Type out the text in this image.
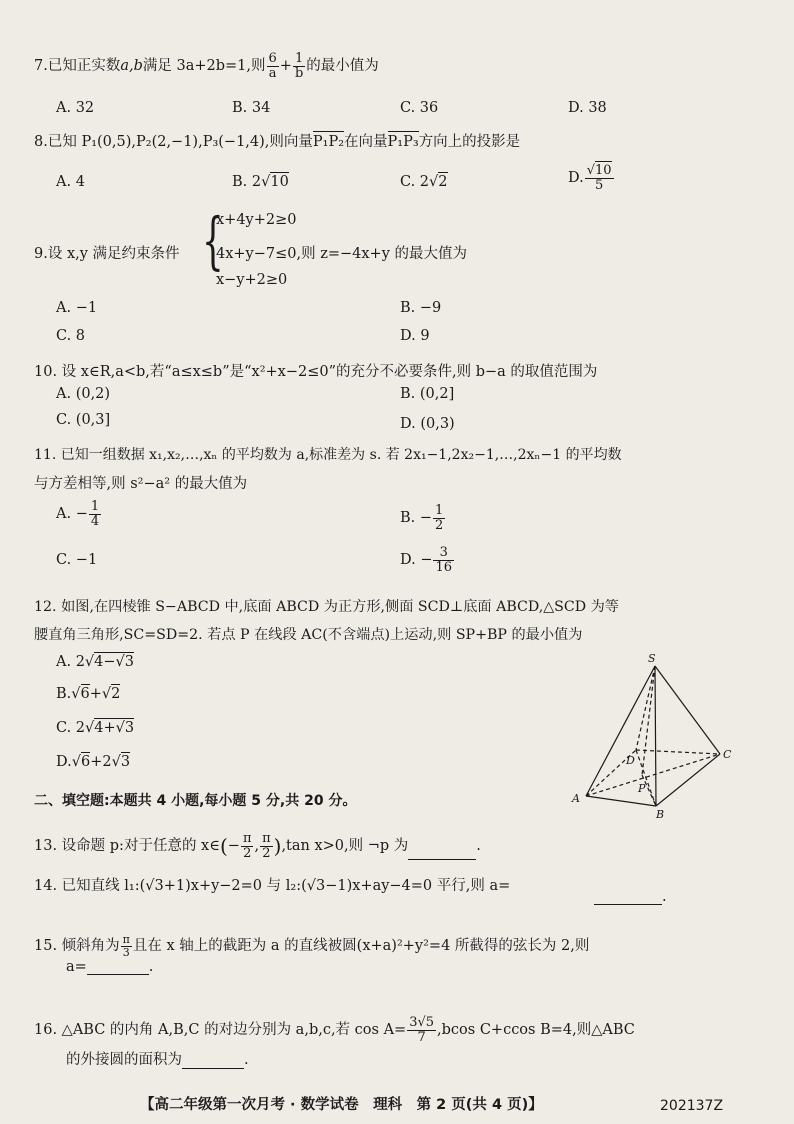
7.已知正实数a,b满足 3a+2b=1,则 $\frac{6}{a} + \frac{1}{b}$ 的最小值为
A. 32	B. 34	C. 36	D. 38
8.已知 P₁(0,5),P₂(2,−1),P₃(−1,4),则向量
P₁P₂在向量
P₁P₃方向上的投影是
A. 4	B. 2√10	C. 2√2	D. $\frac{√10}{5}$
9.设 x,y 满足约束条件 {
x+4y+2≥0
4x+y−7≤0,则 z=−4x+y 的最大值为
x−y+2≥0
A. −1	B. −9
C. 8	D. 9
10. 设 x∈R,a<b,若“a≤x≤b”是“x²+x−2≤0”的充分不必要条件,则 b−a 的取值范围为
A. (0,2)	B. (0,2]
C. (0,3]	D. (0,3)
11. 已知一组数据 x₁,x₂,…,xₙ 的平均数为 a,标准差为 s. 若 2x₁−1,2x₂−1,…,2xₙ−1 的平均数
与方差相等,则 s²−a² 的最大值为
A. − $\frac{1}{4}$	B. − $\frac{1}{2}$
C. −1	D. − $\frac{3}{16}$
12. 如图,在四棱锥 S−ABCD 中,底面 ABCD 为正方形,侧面 SCD⊥底面 ABCD,△SCD 为等
腰直角三角形,SC=SD=2. 若点 P 在线段 AC(不含端点)上运动,则 SP+BP 的最小值为
A. 2√4−√3
B.√6+√2
C. 2√4+√3
D.√6+2√3
S
A
B
C
D
P
二、填空题:本题共 4 小题,每小题 5 分,共 20 分。
13. 设命题 p:对于任意的 x∈(− $\frac{\pi}{2}$ , $\frac{\pi}{2} ),\tan$ x>0,则 ¬p 为	.
14. 已知直线 l₁:(√3+1)x+y−2=0 与 l₂:(√3−1)x+ay−4=0 平行,则 a=
.
15. 倾斜角为 $\frac{\pi}{3}$ 且在 x 轴上的截距为 a 的直线被圆(x+a)²+y²=4 所截得的弦长为 2,则
a=	.
16. △ABC 的内角 A,B,C 的对边分别为 a,b,c,若 $\cos A= \frac{3√5}{7} ,bcos$ C+ccos B=4,则△ABC
的外接圆的面积为	.
【高二年级第一次月考 · 数学试卷　理科　第 2 页(共 4 页)】	202137Z
